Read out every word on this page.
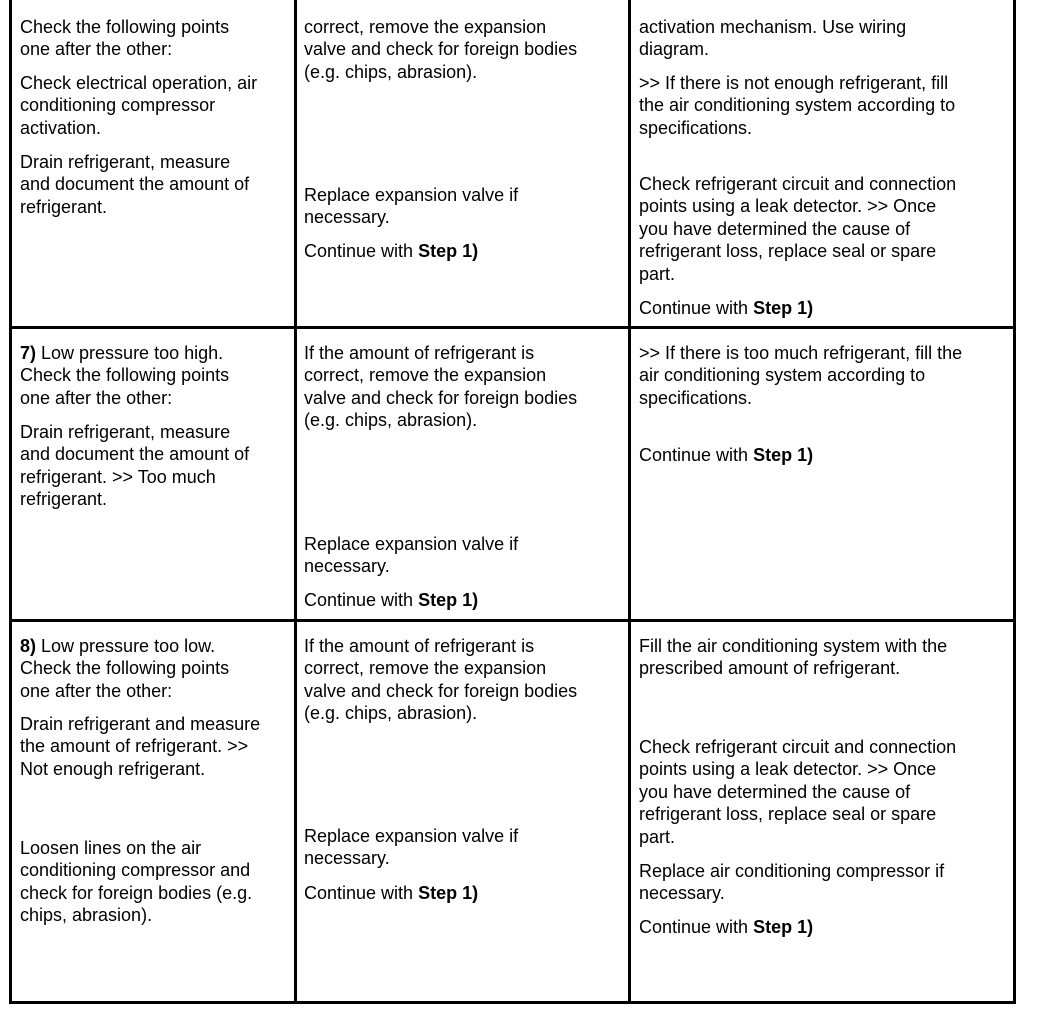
Check the following points
one after the other:

Check electrical operation, air
conditioning compressor
activation.

Drain refrigerant, measure
and document the amount of
refrigerant.

correct, remove the expansion
valve and check for foreign bodies
(e.g. chips, abrasion).

Replace expansion valve if
necessary.

Continue with Step 1)

activation mechanism. Use wiring
diagram.

>> If there is not enough refrigerant, fill
the air conditioning system according to
specifications.

Check refrigerant circuit and connection
points using a leak detector. >> Once
you have determined the cause of
refrigerant loss, replace seal or spare
part.

Continue with Step 1)

7) Low pressure too high.
Check the following points
one after the other:

Drain refrigerant, measure
and document the amount of
refrigerant. >> Too much
refrigerant.

If the amount of refrigerant is
correct, remove the expansion
valve and check for foreign bodies
(e.g. chips, abrasion).

Replace expansion valve if
necessary.

Continue with Step 1)

>> If there is too much refrigerant, fill the
air conditioning system according to
specifications.

Continue with Step 1)

8) Low pressure too low.
Check the following points
one after the other:

Drain refrigerant and measure
the amount of refrigerant. >>
Not enough refrigerant.

Loosen lines on the air
conditioning compressor and
check for foreign bodies (e.g.
chips, abrasion).

If the amount of refrigerant is
correct, remove the expansion
valve and check for foreign bodies
(e.g. chips, abrasion).

Replace expansion valve if
necessary.

Continue with Step 1)

Fill the air conditioning system with the
prescribed amount of refrigerant.

Check refrigerant circuit and connection
points using a leak detector. >> Once
you have determined the cause of
refrigerant loss, replace seal or spare
part.

Replace air conditioning compressor if
necessary.

Continue with Step 1)
